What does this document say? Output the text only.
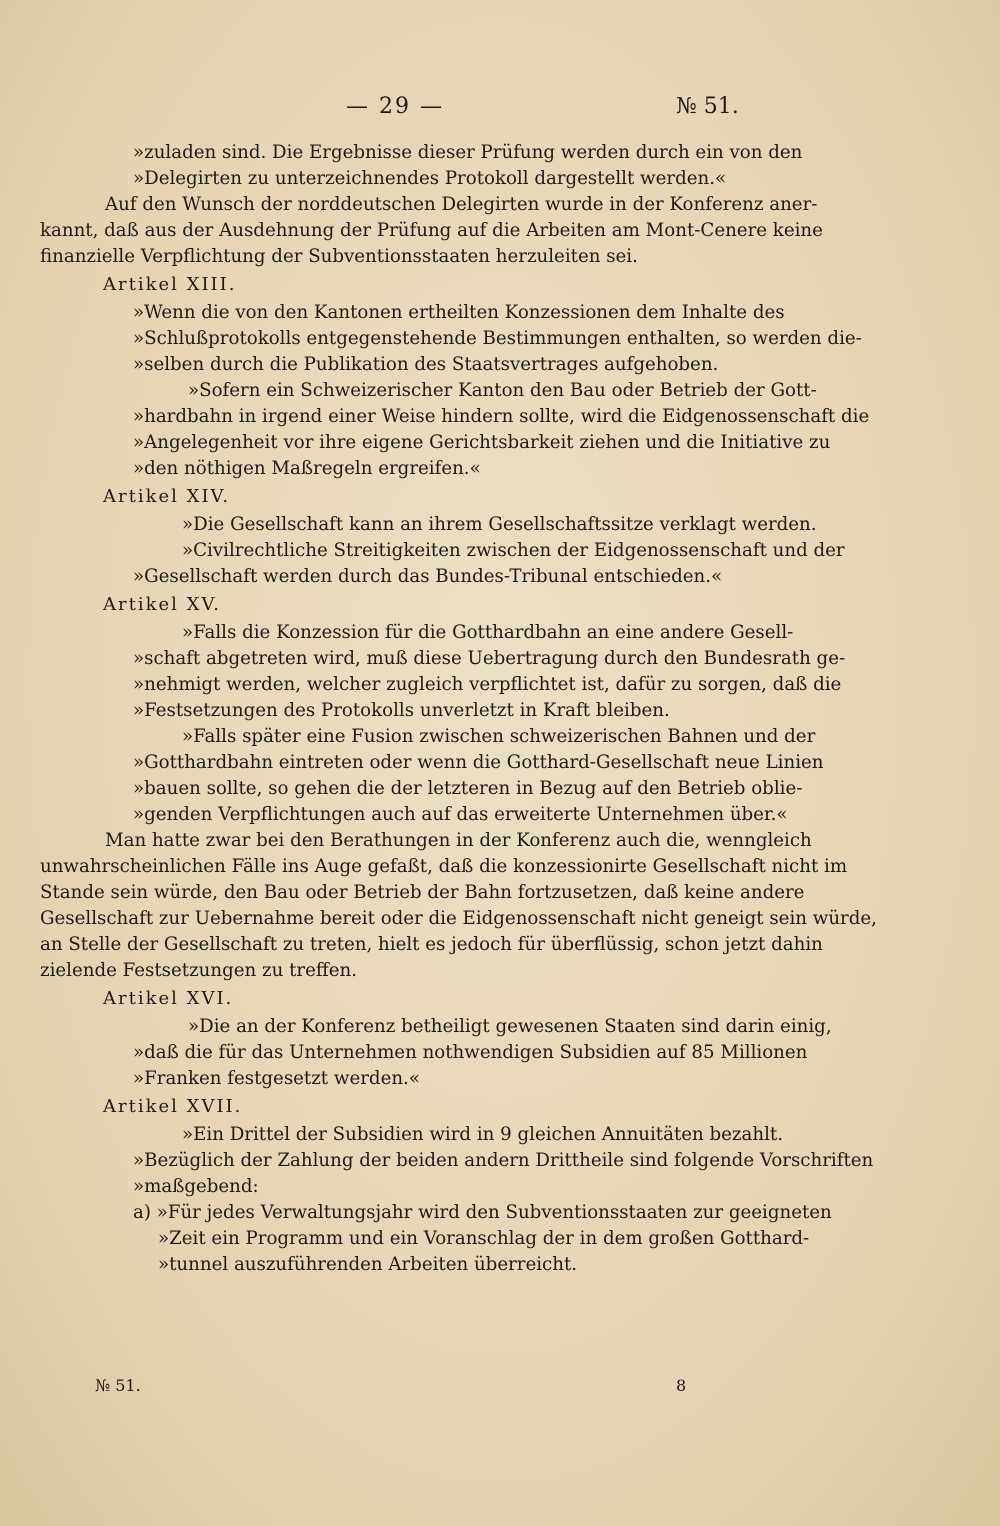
— 29 —	№ 51.
»zuladen sind. Die Ergebnisse dieser Prüfung werden durch ein von den
»Delegirten zu unterzeichnendes Protokoll dargestellt werden.«
Auf den Wunsch der norddeutschen Delegirten wurde in der Konferenz aner-
kannt, daß aus der Ausdehnung der Prüfung auf die Arbeiten am Mont-Cenere keine
finanzielle Verpflichtung der Subventionsstaaten herzuleiten sei.
Artikel XIII.
»Wenn die von den Kantonen ertheilten Konzessionen dem Inhalte des
»Schlußprotokolls entgegenstehende Bestimmungen enthalten, so werden die-
»selben durch die Publikation des Staatsvertrages aufgehoben.
»Sofern ein Schweizerischer Kanton den Bau oder Betrieb der Gott-
»hardbahn in irgend einer Weise hindern sollte, wird die Eidgenossenschaft die
»Angelegenheit vor ihre eigene Gerichtsbarkeit ziehen und die Initiative zu
»den nöthigen Maßregeln ergreifen.«
Artikel XIV.
»Die Gesellschaft kann an ihrem Gesellschaftssitze verklagt werden.
»Civilrechtliche Streitigkeiten zwischen der Eidgenossenschaft und der
»Gesellschaft werden durch das Bundes-Tribunal entschieden.«
Artikel XV.
»Falls die Konzession für die Gotthardbahn an eine andere Gesell-
»schaft abgetreten wird, muß diese Uebertragung durch den Bundesrath ge-
»nehmigt werden, welcher zugleich verpflichtet ist, dafür zu sorgen, daß die
»Festsetzungen des Protokolls unverletzt in Kraft bleiben.
»Falls später eine Fusion zwischen schweizerischen Bahnen und der
»Gotthardbahn eintreten oder wenn die Gotthard-Gesellschaft neue Linien
»bauen sollte, so gehen die der letzteren in Bezug auf den Betrieb oblie-
»genden Verpflichtungen auch auf das erweiterte Unternehmen über.«
Man hatte zwar bei den Berathungen in der Konferenz auch die, wenngleich
unwahrscheinlichen Fälle ins Auge gefaßt, daß die konzessionirte Gesellschaft nicht im
Stande sein würde, den Bau oder Betrieb der Bahn fortzusetzen, daß keine andere
Gesellschaft zur Uebernahme bereit oder die Eidgenossenschaft nicht geneigt sein würde,
an Stelle der Gesellschaft zu treten, hielt es jedoch für überflüssig, schon jetzt dahin
zielende Festsetzungen zu treffen.
Artikel XVI.
»Die an der Konferenz betheiligt gewesenen Staaten sind darin einig,
»daß die für das Unternehmen nothwendigen Subsidien auf 85 Millionen
»Franken festgesetzt werden.«
Artikel XVII.
»Ein Drittel der Subsidien wird in 9 gleichen Annuitäten bezahlt.
»Bezüglich der Zahlung der beiden andern Drittheile sind folgende Vorschriften
»maßgebend:
a) »Für jedes Verwaltungsjahr wird den Subventionsstaaten zur geeigneten
»Zeit ein Programm und ein Voranschlag der in dem großen Gotthard-
»tunnel auszuführenden Arbeiten überreicht.
№ 51.	8
